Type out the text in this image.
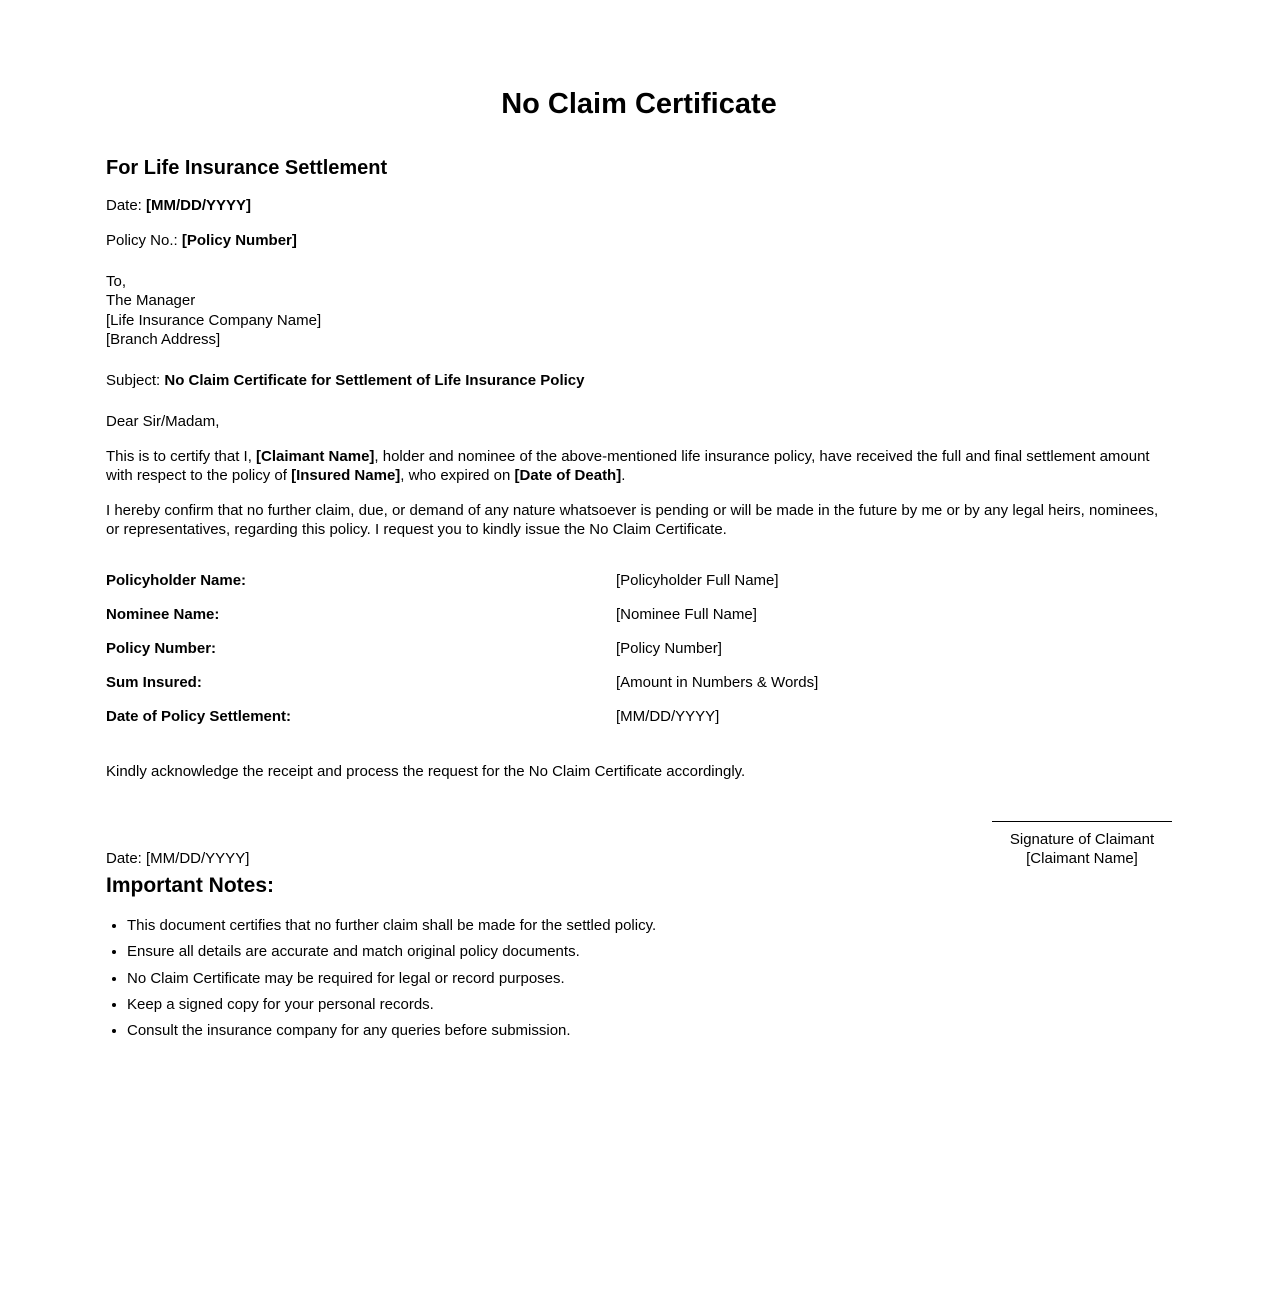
No Claim Certificate
For Life Insurance Settlement

Date: [MM/DD/YYYY]

Policy No.: [Policy Number]

To,
The Manager
[Life Insurance Company Name]
[Branch Address]

Subject: No Claim Certificate for Settlement of Life Insurance Policy

Dear Sir/Madam,

This is to certify that I, [Claimant Name], holder and nominee of the above-mentioned life insurance policy, have received the full and final settlement amount with respect to the policy of [Insured Name], who expired on [Date of Death].

I hereby confirm that no further claim, due, or demand of any nature whatsoever is pending or will be made in the future by me or by any legal heirs, nominees, or representatives, regarding this policy. I request you to kindly issue the No Claim Certificate.

Policyholder Name:	[Policyholder Full Name]
Nominee Name:	[Nominee Full Name]
Policy Number:	[Policy Number]
Sum Insured:	[Amount in Numbers & Words]
Date of Policy Settlement:	[MM/DD/YYYY]

Kindly acknowledge the receipt and process the request for the No Claim Certificate accordingly.

Date: [MM/DD/YYYY]
Signature of Claimant
[Claimant Name]
Important Notes:
• This document certifies that no further claim shall be made for the settled policy.
• Ensure all details are accurate and match original policy documents.
• No Claim Certificate may be required for legal or record purposes.
• Keep a signed copy for your personal records.
• Consult the insurance company for any queries before submission.
